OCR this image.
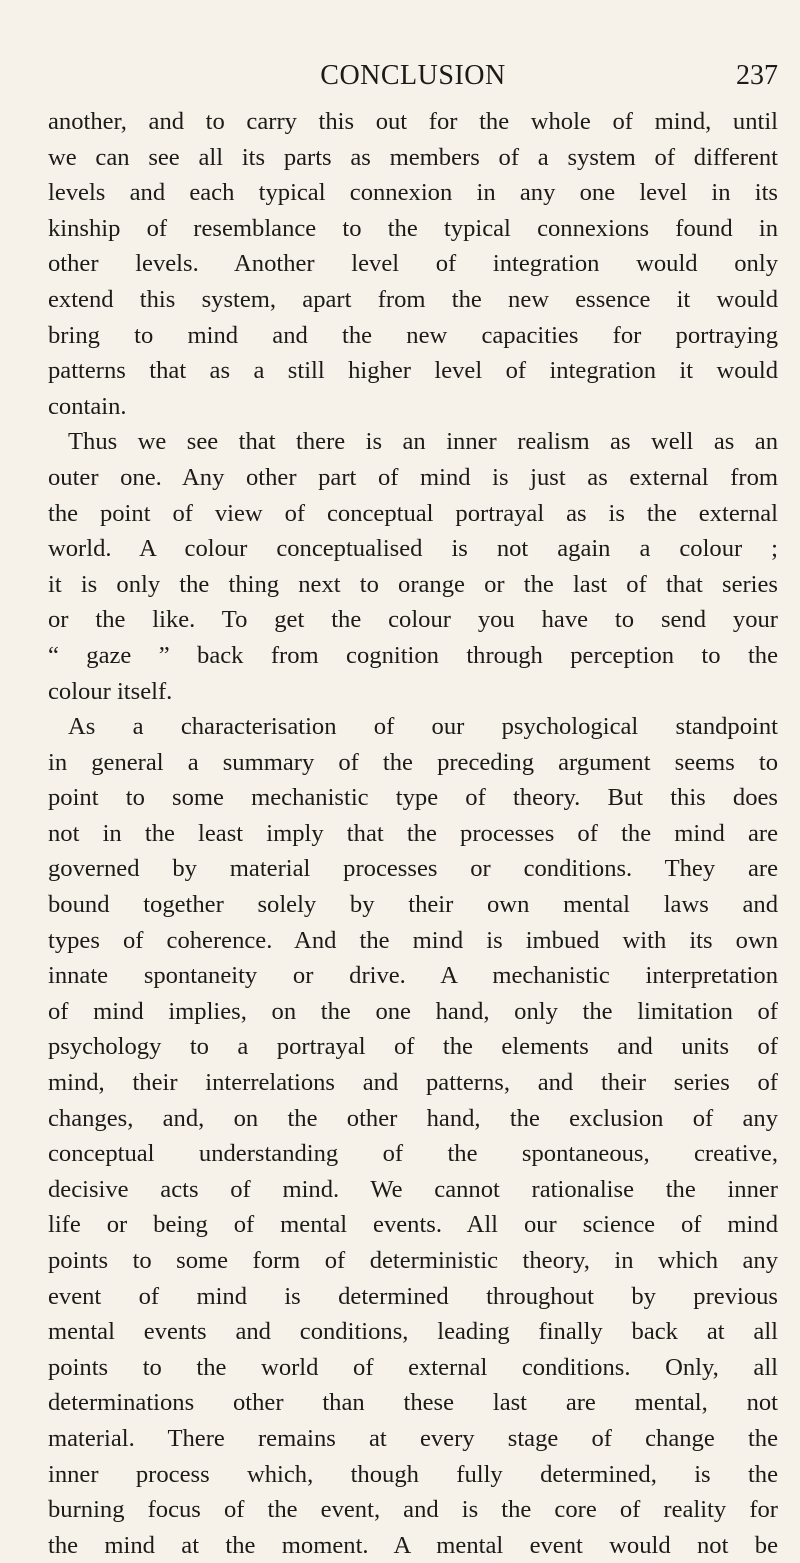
CONCLUSION	237
another, and to carry this out for the whole of mind, until
we can see all its parts as members of a system of different
levels and each typical connexion in any one level in its
kinship of resemblance to the typical connexions found in
other levels. Another level of integration would only
extend this system, apart from the new essence it would
bring to mind and the new capacities for portraying
patterns that as a still higher level of integration it would
contain.
Thus we see that there is an inner realism as well as an
outer one. Any other part of mind is just as external from
the point of view of conceptual portrayal as is the external
world. A colour conceptualised is not again a colour ;
it is only the thing next to orange or the last of that series
or the like. To get the colour you have to send your
“ gaze ” back from cognition through perception to the
colour itself.
As a characterisation of our psychological standpoint
in general a summary of the preceding argument seems to
point to some mechanistic type of theory. But this does
not in the least imply that the processes of the mind are
governed by material processes or conditions. They are
bound together solely by their own mental laws and
types of coherence. And the mind is imbued with its own
innate spontaneity or drive. A mechanistic interpretation
of mind implies, on the one hand, only the limitation of
psychology to a portrayal of the elements and units of
mind, their interrelations and patterns, and their series of
changes, and, on the other hand, the exclusion of any
conceptual understanding of the spontaneous, creative,
decisive acts of mind. We cannot rationalise the inner
life or being of mental events. All our science of mind
points to some form of deterministic theory, in which any
event of mind is determined throughout by previous
mental events and conditions, leading finally back at all
points to the world of external conditions. Only, all
determinations other than these last are mental, not
material. There remains at every stage of change the
inner process which, though fully determined, is the
burning focus of the event, and is the core of reality for
the mind at the moment. A mental event would not be
